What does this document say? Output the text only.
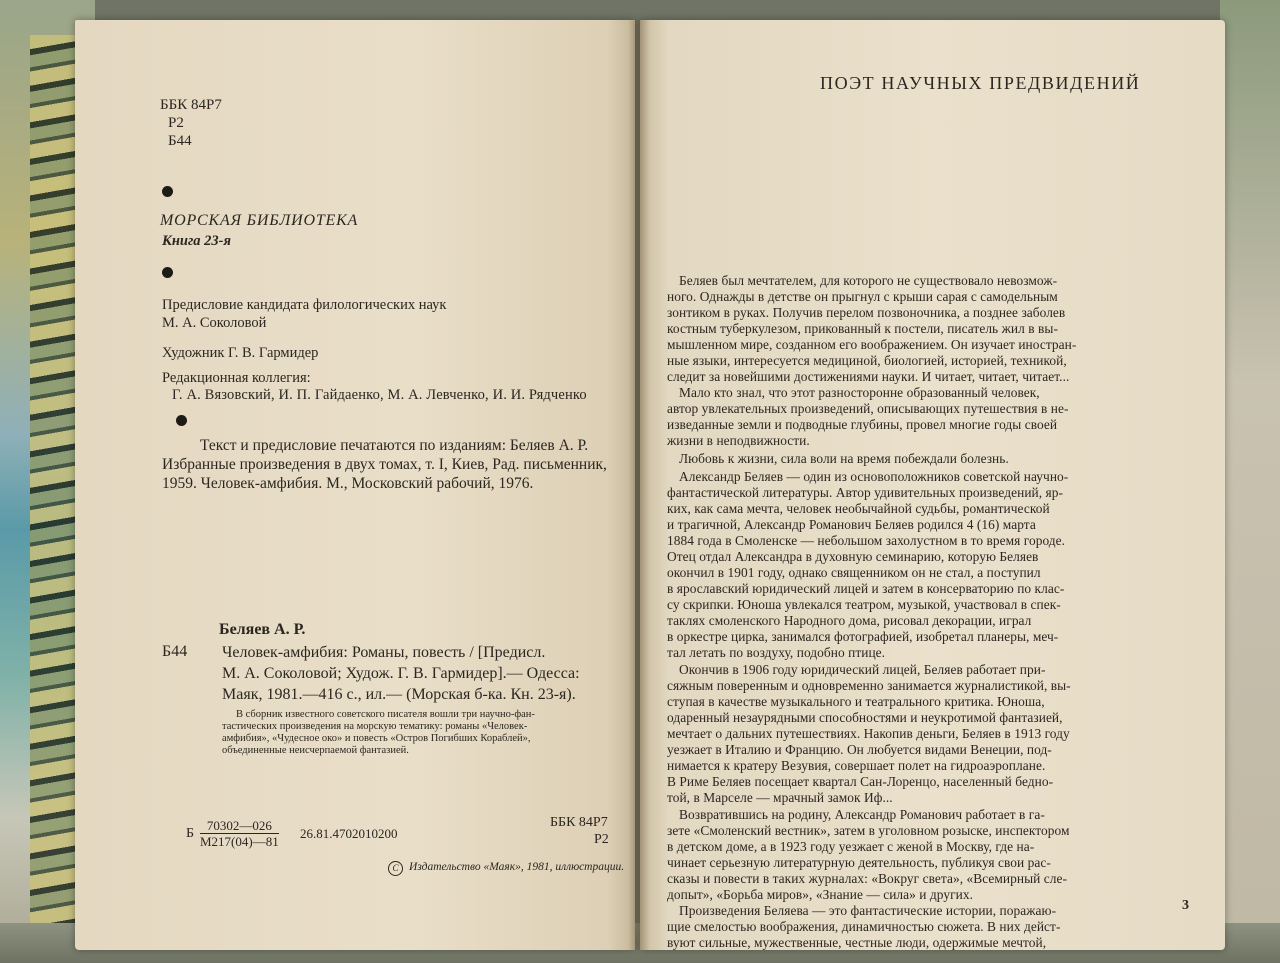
ББК 84Р7
Р2
Б44
МОРСКАЯ БИБЛИОТЕКА
Книга 23-я
Предисловие кандидата филологических наук
М. А. Соколовой
Художник Г. В. Гармидер
Редакционная коллегия:
Г. А. Вязовский, И. П. Гайдаенко, М. А. Левченко, И. И. Рядченко
Текст и предисловие печатаются по изданиям: Беляев А. Р.
Избранные произведения в двух томах, т. I, Киев, Рад. письменник,
1959. Человек-амфибия. М., Московский рабочий, 1976.
Б44
Беляев А. Р.
Человек-амфибия: Романы, повесть / [Предисл.
М. А. Соколовой; Худож. Г. В. Гармидер].— Одесса:
Маяк, 1981.—416 с., ил.— (Морская б-ка. Кн. 23-я).
В сборник известного советского писателя вошли три научно-фан-
тастических произведения на морскую тематику: романы «Человек-
амфибия», «Чудесное око» и повесть «Остров Погибших Кораблей»,
объединенные неисчерпаемой фантазией.
Б
70302—026
М217(04)—81
26.81.4702010200
ББК 84Р7
Р2
С Издательство «Маяк», 1981, иллюстрации.
ПОЭТ НАУЧНЫХ ПРЕДВИДЕНИЙ
Беляев был мечтателем, для которого не существовало невозмож-
ного. Однажды в детстве он прыгнул с крыши сарая с самодельным
зонтиком в руках. Получив перелом позвоночника, а позднее заболев
костным туберкулезом, прикованный к постели, писатель жил в вы-
мышленном мире, созданном его воображением. Он изучает иностран-
ные языки, интересуется медициной, биологией, историей, техникой,
следит за новейшими достижениями науки. И читает, читает, читает...
Мало кто знал, что этот разносторонне образованный человек,
автор увлекательных произведений, описывающих путешествия в не-
изведанные земли и подводные глубины, провел многие годы своей
жизни в неподвижности.
Любовь к жизни, сила воли на время побеждали болезнь.
Александр Беляев — один из основоположников советской научно-
фантастической литературы. Автор удивительных произведений, яр-
ких, как сама мечта, человек необычайной судьбы, романтической
и трагичной, Александр Романович Беляев родился 4 (16) марта
1884 года в Смоленске — небольшом захолустном в то время городе.
Отец отдал Александра в духовную семинарию, которую Беляев
окончил в 1901 году, однако священником он не стал, а поступил
в ярославский юридический лицей и затем в консерваторию по клас-
су скрипки. Юноша увлекался театром, музыкой, участвовал в спек-
таклях смоленского Народного дома, рисовал декорации, играл
в оркестре цирка, занимался фотографией, изобретал планеры, меч-
тал летать по воздуху, подобно птице.
Окончив в 1906 году юридический лицей, Беляев работает при-
сяжным поверенным и одновременно занимается журналистикой, вы-
ступая в качестве музыкального и театрального критика. Юноша,
одаренный незаурядными способностями и неукротимой фантазией,
мечтает о дальних путешествиях. Накопив деньги, Беляев в 1913 году
уезжает в Италию и Францию. Он любуется видами Венеции, под-
нимается к кратеру Везувия, совершает полет на гидроаэроплане.
В Риме Беляев посещает квартал Сан-Лоренцо, населенный бедно-
той, в Марселе — мрачный замок Иф...
Возвратившись на родину, Александр Романович работает в га-
зете «Смоленский вестник», затем в уголовном розыске, инспектором
в детском доме, а в 1923 году уезжает с женой в Москву, где на-
чинает серьезную литературную деятельность, публикуя свои рас-
сказы и повести в таких журналах: «Вокруг света», «Всемирный сле-
допыт», «Борьба миров», «Знание — сила» и других.
Произведения Беляева — это фантастические истории, поражаю-
щие смелостью воображения, динамичностью сюжета. В них дейст-
вуют сильные, мужественные, честные люди, одержимые мечтой,
3
